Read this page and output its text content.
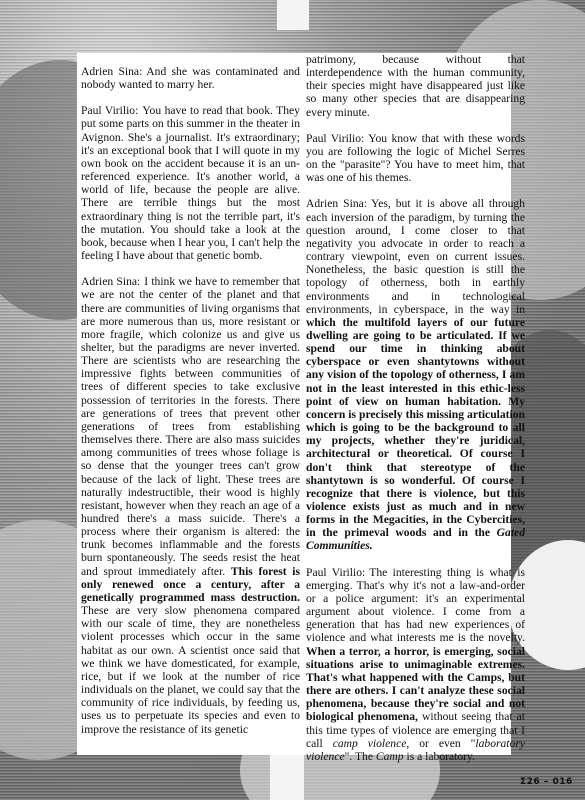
Adrien Sina: And she was contaminated and nobody wanted to marry her.

Paul Virilio: You have to read that book. They put some parts on this summer in the theater in Avignon. She's a journalist. It's extraordinary; it's an exceptional book that I will quote in my own book on the accident because it is an un-referenced experience. It's another world, a world of life, because the people are alive. There are terrible things but the most extraordinary thing is not the terrible part, it's the mutation. You should take a look at the book, because when I hear you, I can't help the feeling I have about that genetic bomb.

Adrien Sina: I think we have to remember that we are not the center of the planet and that there are communities of living organisms that are more numerous than us, more resistant or more fragile, which colonize us and give us shelter, but the paradigms are never inverted. There are scientists who are researching the impressive fights between communities of trees of different species to take exclusive possession of territories in the forests. There are generations of trees that prevent other generations of trees from establishing themselves there. There are also mass suicides among communities of trees whose foliage is so dense that the younger trees can't grow because of the lack of light. These trees are naturally indestructible, their wood is highly resistant, however when they reach an age of a hundred there's a mass suicide. There's a process where their organism is altered: the trunk becomes inflammable and the forests burn spontaneously. The seeds resist the heat and sprout immediately after. This forest is only renewed once a century, after a genetically programmed mass destruction. These are very slow phenomena compared with our scale of time, they are nonetheless violent processes which occur in the same habitat as our own. A scientist once said that we think we have domesticated, for example, rice, but if we look at the number of rice individuals on the planet, we could say that the community of rice individuals, by feeding us, uses us to perpetuate its species and even to improve the resistance of its genetic

patrimony, because without that interdependence with the human community, their species might have disappeared just like so many other species that are disappearing every minute.

Paul Virilio: You know that with these words you are following the logic of Michel Serres on the "parasite"? You have to meet him, that was one of his themes.

Adrien Sina: Yes, but it is above all through each inversion of the paradigm, by turning the question around, I come closer to that negativity you advocate in order to reach a contrary viewpoint, even on current issues. Nonetheless, the basic question is still the topology of otherness, both in earthly environments and in technological environments, in cyberspace, in the way in which the multifold layers of our future dwelling are going to be articulated. If we spend our time in thinking about cyberspace or even shantytowns without any vision of the topology of otherness, I am not in the least interested in this ethic-less point of view on human habitation. My concern is precisely this missing articulation which is going to be the background to all my projects, whether they're juridical, architectural or theoretical. Of course I don't think that stereotype of the shantytown is so wonderful. Of course I recognize that there is violence, but this violence exists just as much and in new forms in the Megacities, in the Cybercities, in the primeval woods and in the Gated Communities.

Paul Virilio: The interesting thing is what is emerging. That's why it's not a law-and-order or a police argument: it's an experimental argument about violence. I come from a generation that has had new experiences of violence and what interests me is the novelty. When a terror, a horror, is emerging, social situations arise to unimaginable extremes. That's what happened with the Camps, but there are others. I can't analyze these social phenomena, because they're social and not biological phenomena, without seeing that at this time types of violence are emerging that I call camp violence, or even "laboratory violence". The Camp is a laboratory.

Σ26 – 016
